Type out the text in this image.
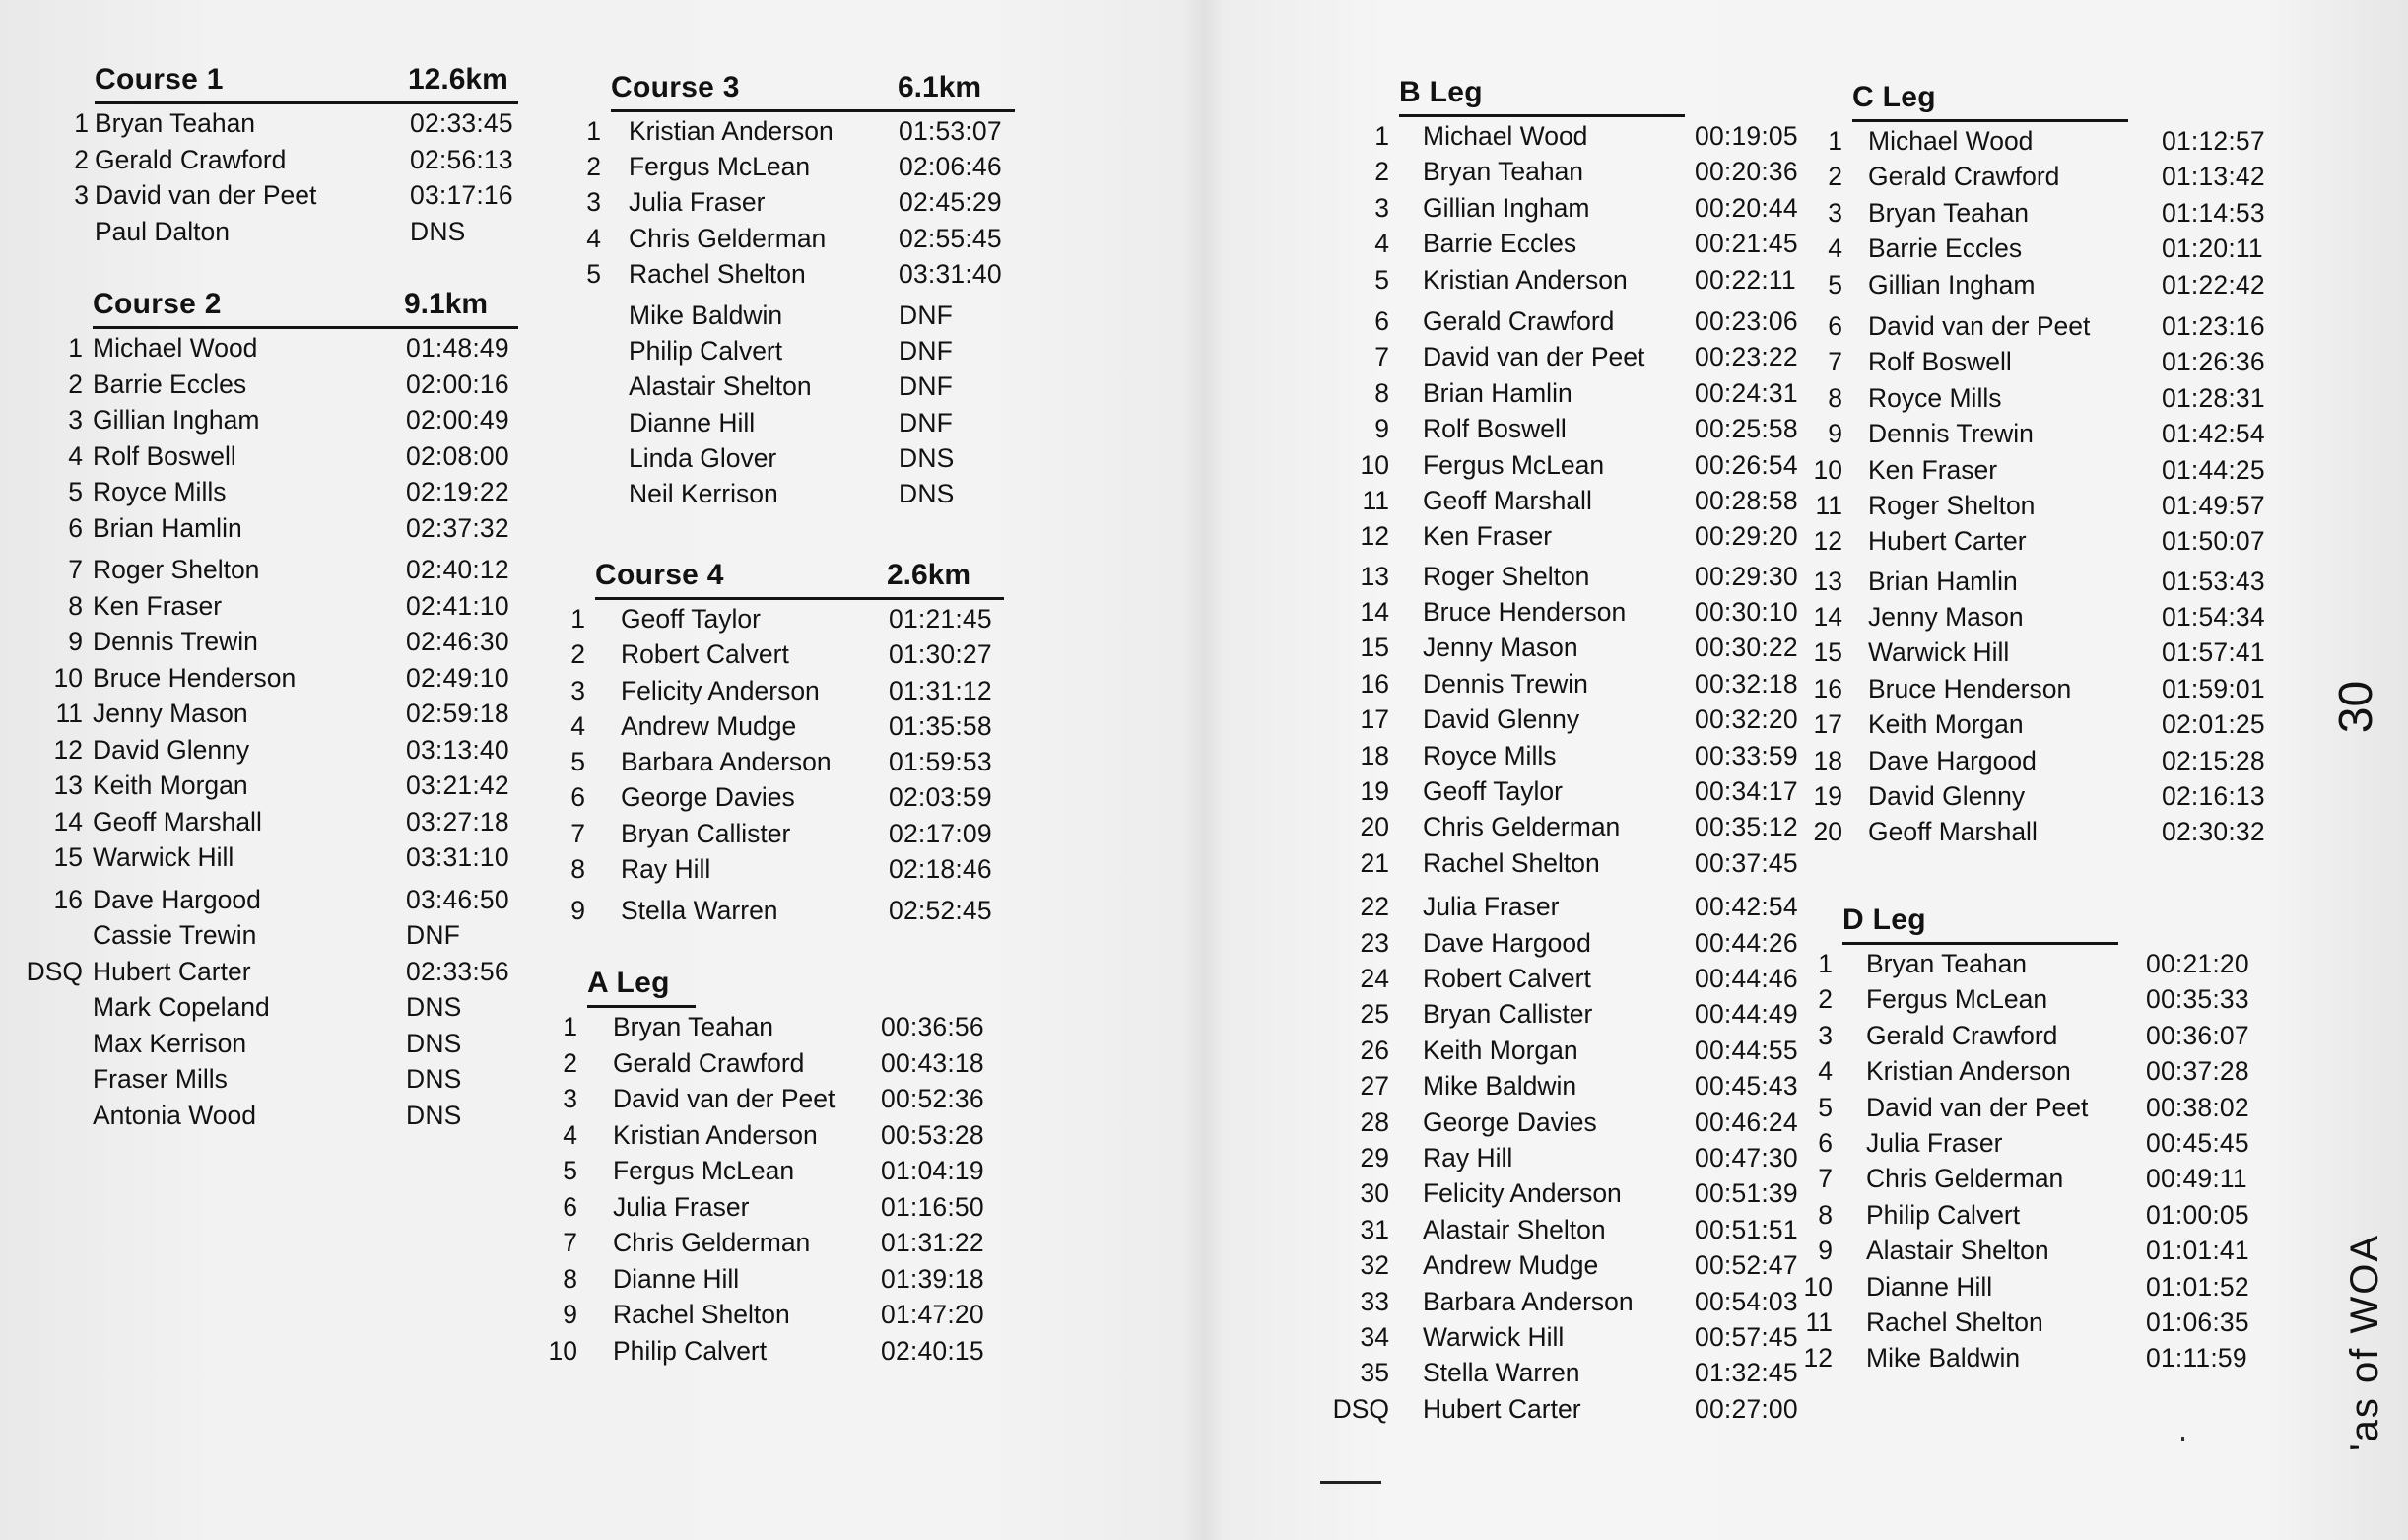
Course 1	12.6km
1 Bryan Teahan	02:33:45
2 Gerald Crawford	02:56:13
3 David van der Peet	03:17:16
Paul Dalton	DNS
Course 2	9.1km
1 Michael Wood	01:48:49
2 Barrie Eccles	02:00:16
3 Gillian Ingham	02:00:49
4 Rolf Boswell	02:08:00
5 Royce Mills	02:19:22
6 Brian Hamlin	02:37:32
7 Roger Shelton	02:40:12
8 Ken Fraser	02:41:10
9 Dennis Trewin	02:46:30
10 Bruce Henderson	02:49:10
11 Jenny Mason	02:59:18
12 David Glenny	03:13:40
13 Keith Morgan	03:21:42
14 Geoff Marshall	03:27:18
15 Warwick Hill	03:31:10
16 Dave Hargood	03:46:50
Cassie Trewin	DNF
DSQ Hubert Carter	02:33:56
Mark Copeland	DNS
Max Kerrison	DNS
Fraser Mills	DNS
Antonia Wood	DNS
Course 3	6.1km
1 Kristian Anderson	01:53:07
2 Fergus McLean	02:06:46
3 Julia Fraser	02:45:29
4 Chris Gelderman	02:55:45
5 Rachel Shelton	03:31:40
Mike Baldwin	DNF
Philip Calvert	DNF
Alastair Shelton	DNF
Dianne Hill	DNF
Linda Glover	DNS
Neil Kerrison	DNS
Course 4	2.6km
1 Geoff Taylor	01:21:45
2 Robert Calvert	01:30:27
3 Felicity Anderson	01:31:12
4 Andrew Mudge	01:35:58
5 Barbara Anderson 01:59:53
6 George Davies	02:03:59
7 Bryan Callister	02:17:09
8 Ray Hill	02:18:46
9 Stella Warren	02:52:45
A Leg
1 Bryan Teahan	00:36:56
2 Gerald Crawford	00:43:18
3 David van der Peet 00:52:36
4 Kristian Anderson 00:53:28
5 Fergus McLean	01:04:19
6 Julia Fraser	01:16:50
7 Chris Gelderman	01:31:22
8 Dianne Hill	01:39:18
9 Rachel Shelton	01:47:20
10 Philip Calvert	02:40:15
B Leg
1 Michael Wood	00:19:05
2 Bryan Teahan	00:20:36
3 Gillian Ingham	00:20:44
4 Barrie Eccles	00:21:45
5 Kristian Anderson	00:22:11
6 Gerald Crawford	00:23:06
7 David van der Peet 00:23:22
8 Brian Hamlin	00:24:31
9 Rolf Boswell	00:25:58
10 Fergus McLean	00:26:54
11 Geoff Marshall	00:28:58
12 Ken Fraser	00:29:20
13 Roger Shelton	00:29:30
14 Bruce Henderson	00:30:10
15 Jenny Mason	00:30:22
16 Dennis Trewin	00:32:18
17 David Glenny	00:32:20
18 Royce Mills	00:33:59
19 Geoff Taylor	00:34:17
20 Chris Gelderman	00:35:12
21 Rachel Shelton	00:37:45
22 Julia Fraser	00:42:54
23 Dave Hargood	00:44:26
24 Robert Calvert	00:44:46
25 Bryan Callister	00:44:49
26 Keith Morgan	00:44:55
27 Mike Baldwin	00:45:43
28 George Davies	00:46:24
29 Ray Hill	00:47:30
30 Felicity Anderson	00:51:39
31 Alastair Shelton	00:51:51
32 Andrew Mudge	00:52:47
33 Barbara Anderson 00:54:03
34 Warwick Hill	00:57:45
35 Stella Warren	01:32:45
DSQ Hubert Carter	00:27:00
C Leg
1 Michael Wood	01:12:57
2 Gerald Crawford	01:13:42
3 Bryan Teahan	01:14:53
4 Barrie Eccles	01:20:11
5 Gillian Ingham	01:22:42
6 David van der Peet	01:23:16
7 Rolf Boswell	01:26:36
8 Royce Mills	01:28:31
9 Dennis Trewin	01:42:54
10 Ken Fraser	01:44:25
11 Roger Shelton	01:49:57
12 Hubert Carter	01:50:07
13 Brian Hamlin	01:53:43
14 Jenny Mason	01:54:34
15 Warwick Hill	01:57:41
16 Bruce Henderson	01:59:01
17 Keith Morgan	02:01:25
18 Dave Hargood	02:15:28
19 David Glenny	02:16:13
20 Geoff Marshall	02:30:32
D Leg
1 Bryan Teahan	00:21:20
2 Fergus McLean	00:35:33
3 Gerald Crawford	00:36:07
4 Kristian Anderson	00:37:28
5 David van der Peet 00:38:02
6 Julia Fraser	00:45:45
7 Chris Gelderman	00:49:11
8 Philip Calvert	01:00:05
9 Alastair Shelton	01:01:41
10 Dianne Hill	01:01:52
11 Rachel Shelton	01:06:35
12 Mike Baldwin	01:11:59
30
'as of WOA
